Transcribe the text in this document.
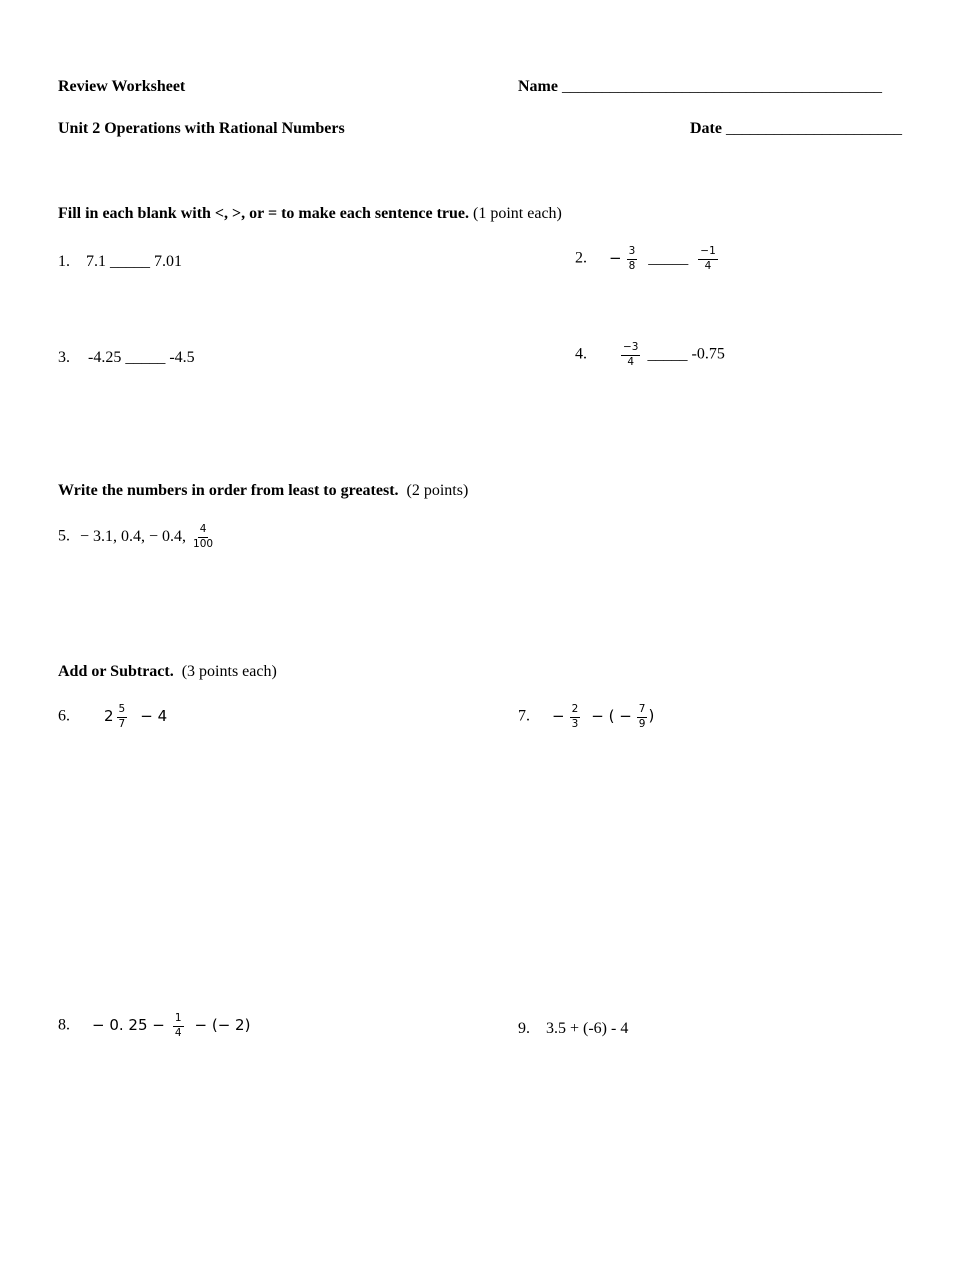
Review Worksheet	Name ________________________________________
Unit 2 Operations with Rational Numbers	Date ______________________
Fill in each blank with <, >, or = to make each sentence true. (1 point each)
1. 7.1 _____ 7.01	2. − $\frac{3}{8}$ _____ $\frac{-1}{4}$
3. -4.25 _____ -4.5	4.	$\frac{-3}{4}$ _____ -0.75
Write the numbers in order from least to greatest. (2 points)
5. − 3.1, 0.4, − 0.4, $\frac{4}{100}$
Add or Subtract. (3 points each)
6. $2 \frac{5}{7} - 4$	7. − $\frac{2}{3}$ − ( − $\frac{7}{9}$ )
8. − 0. $25 - \frac{1}{4}$ − (− 2)	9. 3.5 + (-6) - 4
